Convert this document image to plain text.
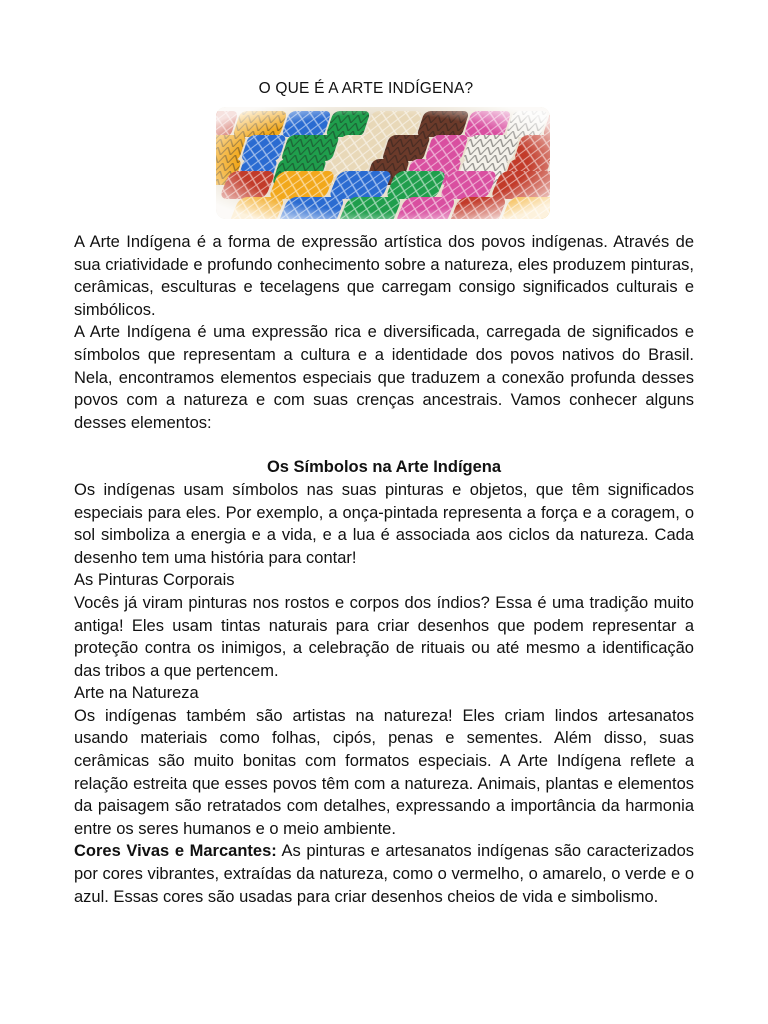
O QUE É A ARTE INDÍGENA?

A Arte Indígena é a forma de expressão artística dos povos indígenas. Através de sua criatividade e profundo conhecimento sobre a natureza, eles produzem pinturas, cerâmicas, esculturas e tecelagens que carregam consigo significados culturais e simbólicos.

A Arte Indígena é uma expressão rica e diversificada, carregada de significados e símbolos que representam a cultura e a identidade dos povos nativos do Brasil. Nela, encontramos elementos especiais que traduzem a conexão profunda desses povos com a natureza e com suas crenças ancestrais. Vamos conhecer alguns desses elementos:

Os Símbolos na Arte Indígena

Os indígenas usam símbolos nas suas pinturas e objetos, que têm significados especiais para eles. Por exemplo, a onça-pintada representa a força e a coragem, o sol simboliza a energia e a vida, e a lua é associada aos ciclos da natureza. Cada desenho tem uma história para contar!

As Pinturas Corporais

Vocês já viram pinturas nos rostos e corpos dos índios? Essa é uma tradição muito antiga! Eles usam tintas naturais para criar desenhos que podem representar a proteção contra os inimigos, a celebração de rituais ou até mesmo a identificação das tribos a que pertencem.

Arte na Natureza

Os indígenas também são artistas na natureza! Eles criam lindos artesanatos usando materiais como folhas, cipós, penas e sementes. Além disso, suas cerâmicas são muito bonitas com formatos especiais. A Arte Indígena reflete a relação estreita que esses povos têm com a natureza. Animais, plantas e elementos da paisagem são retratados com detalhes, expressando a importância da harmonia entre os seres humanos e o meio ambiente.

Cores Vivas e Marcantes: As pinturas e artesanatos indígenas são caracterizados por cores vibrantes, extraídas da natureza, como o vermelho, o amarelo, o verde e o azul. Essas cores são usadas para criar desenhos cheios de vida e simbolismo.
